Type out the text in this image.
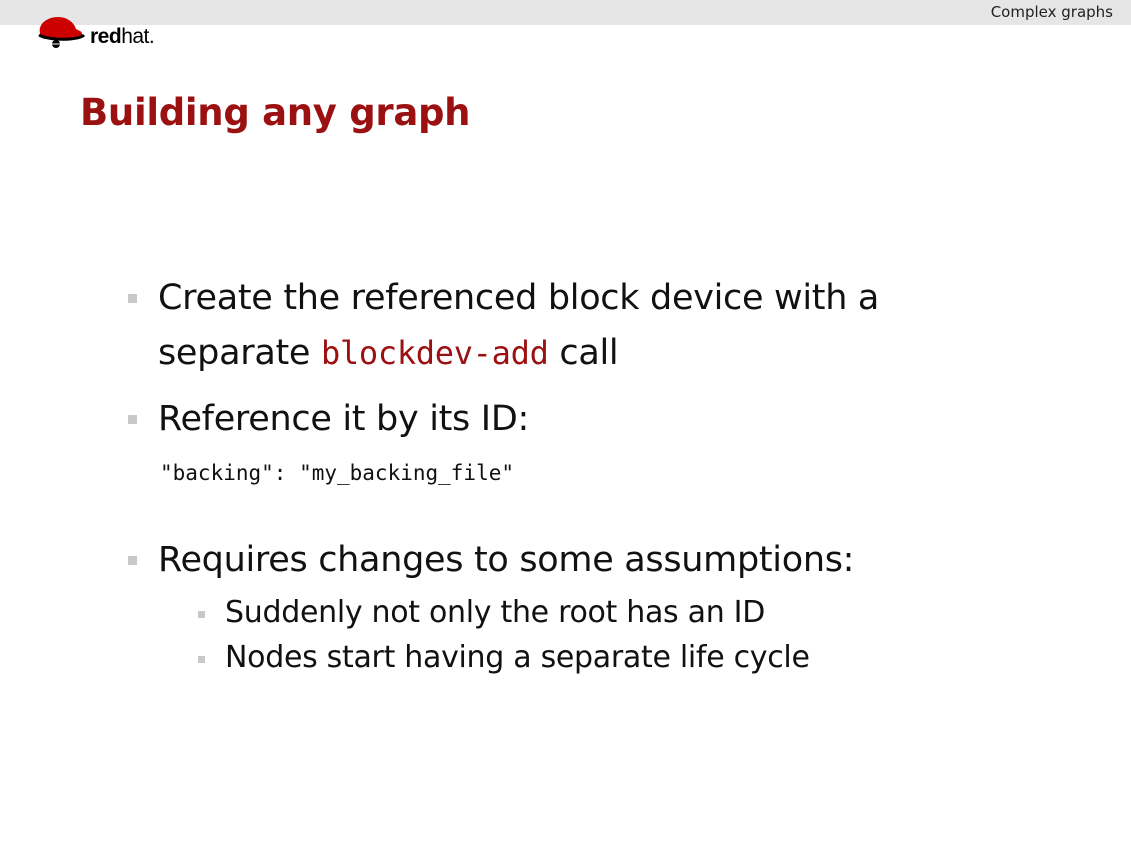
Complex graphs
redhat.
Building any graph
Create the referenced block device with a
separate blockdev-add call
Reference it by its ID:
"backing": "my_backing_file"
Requires changes to some assumptions:
Suddenly not only the root has an ID
Nodes start having a separate life cycle
